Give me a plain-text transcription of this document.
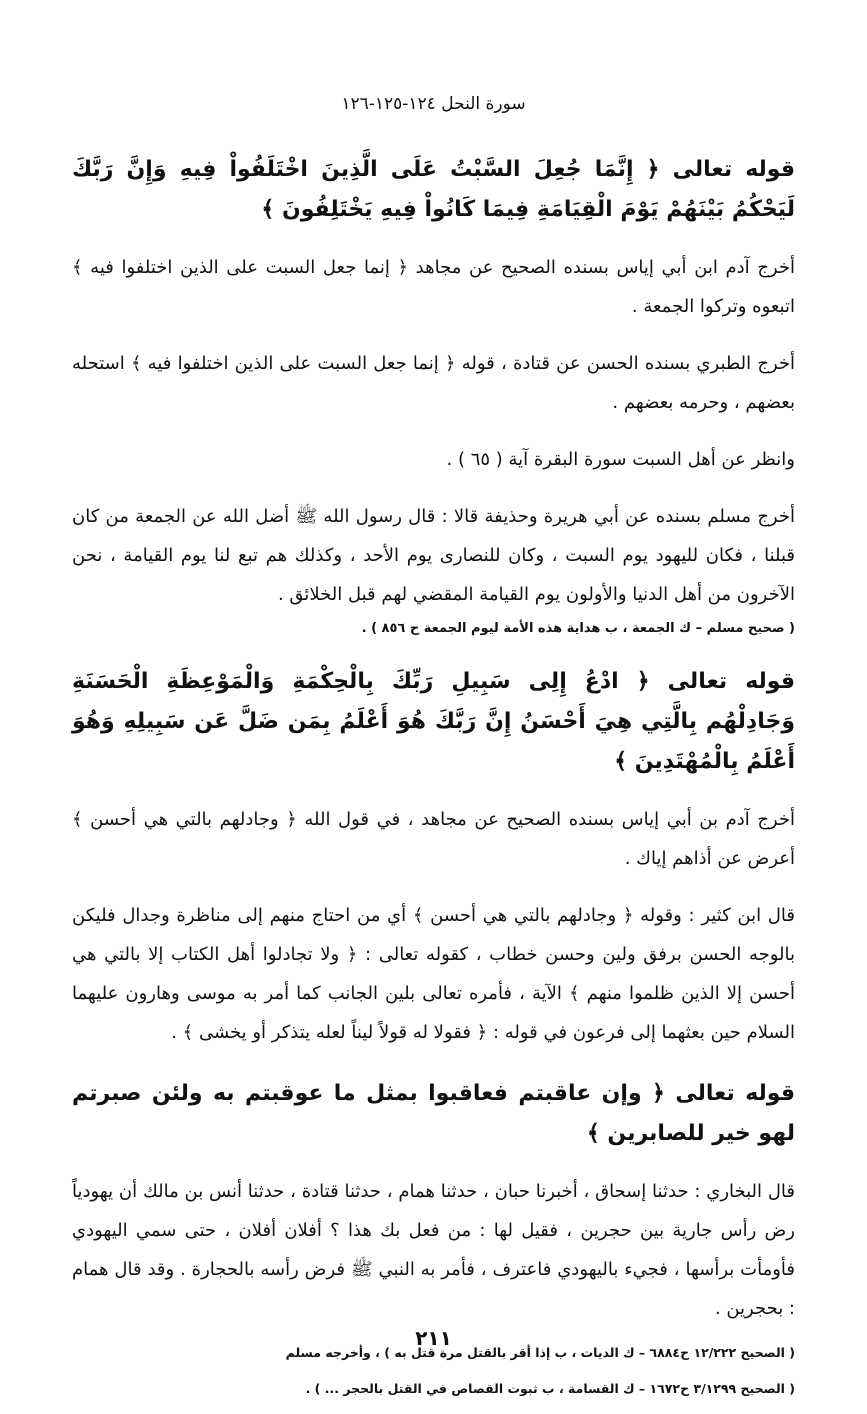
سورة النحل ١٢٤-١٢٥-١٢٦

قوله تعالى ﴿ إِنَّمَا جُعِلَ السَّبْتُ عَلَى الَّذِينَ اخْتَلَفُواْ فِيهِ وَإِنَّ رَبَّكَ لَيَحْكُمُ بَيْنَهُمْ يَوْمَ الْقِيَامَةِ فِيمَا كَانُواْ فِيهِ يَخْتَلِفُونَ ﴾

أخرج آدم ابن أبي إياس بسنده الصحيح عن مجاهد ﴿ إنما جعل السبت على الذين اختلفوا فيه ﴾ اتبعوه وتركوا الجمعة .

أخرج الطبري بسنده الحسن عن قتادة ، قوله ﴿ إنما جعل السبت على الذين اختلفوا فيه ﴾ استحله بعضهم ، وحرمه بعضهم .

وانظر عن أهل السبت سورة البقرة آية ( ٦٥ ) .

أخرج مسلم بسنده عن أبي هريرة وحذيفة قالا : قال رسول الله ﷺ أضل الله عن الجمعة من كان قبلنا ، فكان لليهود يوم السبت ، وكان للنصارى يوم الأحد ، وكذلك هم تبع لنا يوم القيامة ، نحن الآخرون من أهل الدنيا والأولون يوم القيامة المقضي لهم قبل الخلائق .

( صحيح مسلم – ك الجمعة ، ب هداية هذه الأمة ليوم الجمعة ح ٨٥٦ ) .

قوله تعالى ﴿ ادْعُ إِلِى سَبِيلِ رَبِّكَ بِالْحِكْمَةِ وَالْمَوْعِظَةِ الْحَسَنَةِ وَجَادِلْهُم بِالَّتِي هِيَ أَحْسَنُ إِنَّ رَبَّكَ هُوَ أَعْلَمُ بِمَن ضَلَّ عَن سَبِيلِهِ وَهُوَ أَعْلَمُ بِالْمُهْتَدِينَ ﴾

أخرج آدم بن أبي إياس بسنده الصحيح عن مجاهد ، في قول الله ﴿ وجادلهم بالتي هي أحسن ﴾ أعرض عن أذاهم إياك .

قال ابن كثير : وقوله ﴿ وجادلهم بالتي هي أحسن ﴾ أي من احتاج منهم إلى مناظرة وجدال فليكن بالوجه الحسن برفق ولين وحسن خطاب ، كقوله تعالى : ﴿ ولا تجادلوا أهل الكتاب إلا بالتي هي أحسن إلا الذين ظلموا منهم ﴾ الآية ، فأمره تعالى بلين الجانب كما أمر به موسى وهارون عليهما السلام حين بعثهما إلى فرعون في قوله : ﴿ فقولا له قولاً ليناً لعله يتذكر أو يخشى ﴾ .

قوله تعالى ﴿ وإن عاقبتم فعاقبوا بمثل ما عوقبتم به ولئن صبرتم لهو خير للصابرين ﴾

قال البخاري : حدثنا إسحاق ، أخبرنا حبان ، حدثنا همام ، حدثنا قتادة ، حدثنا أنس بن مالك أن يهودياً رض رأس جارية بين حجرين ، فقيل لها : من فعل بك هذا ؟ أفلان أفلان ، حتى سمي اليهودي فأومأت برأسها ، فجيء باليهودي فاعترف ، فأمر به النبي ﷺ فرض رأسه بالحجارة . وقد قال همام : بحجرين .

( الصحيح ١٢/٢٢٢ ح٦٨٨٤ – ك الديات ، ب إذا أقر بالقتل مرة قتل به ) ، وأخرجه مسلم

( الصحيح ٣/١٢٩٩ ح١٦٧٢ – ك القسامة ، ب ثبوت القصاص في القتل بالحجر ... ) .

٢١١
